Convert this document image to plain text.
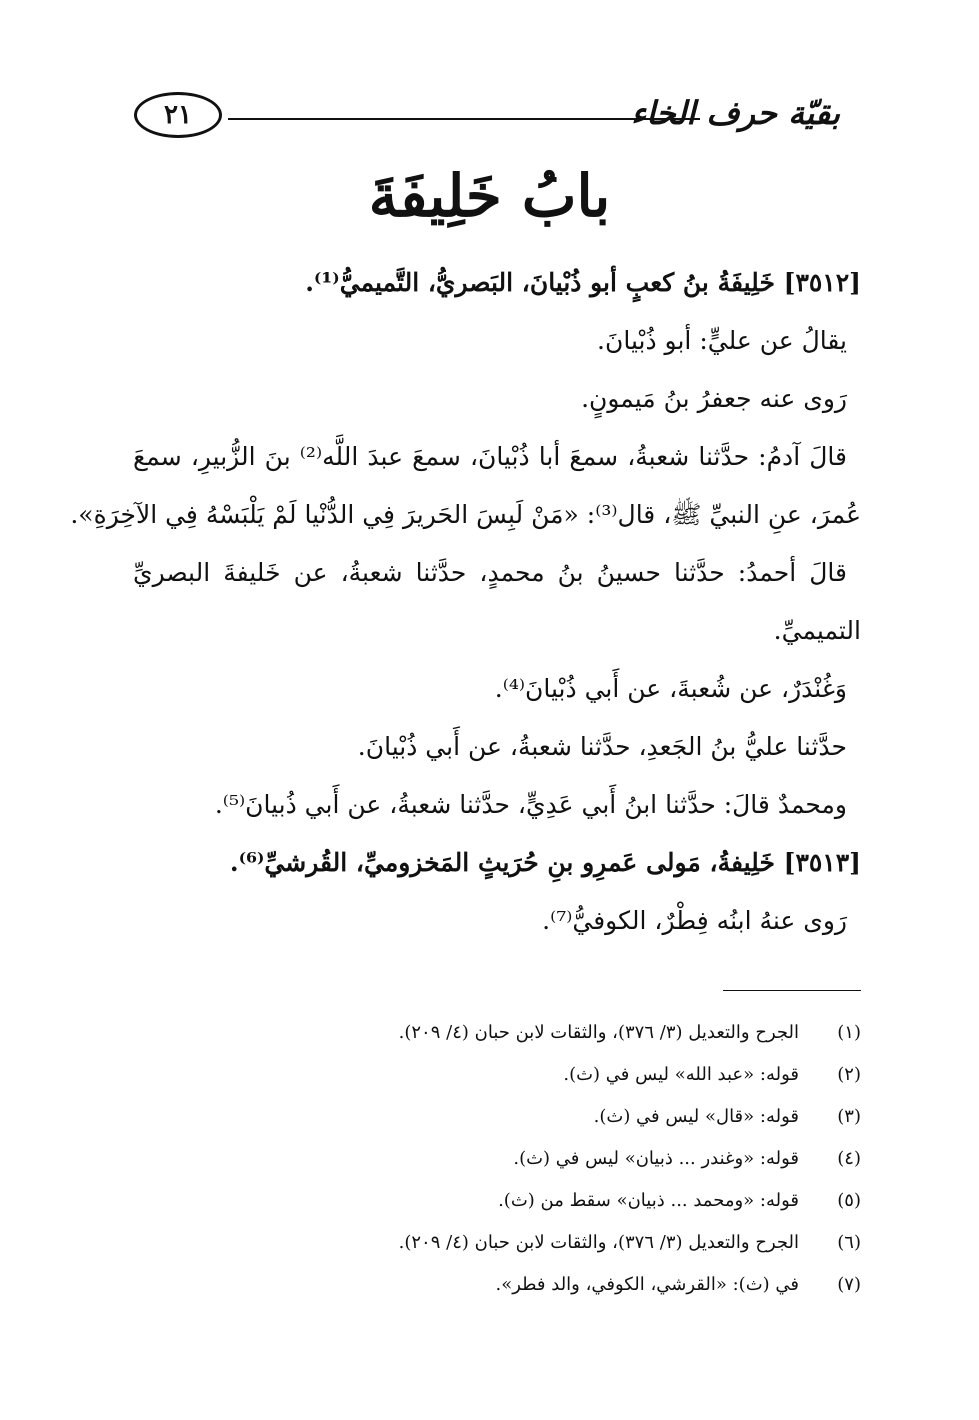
بقيّة حرف الخاء
٢١
بابُ خَلِيفَةَ
[٣٥١٢] خَلِيفَةُ بنُ كعبٍ أبو ذُبْيانَ، البَصريُّ، التَّميميُّ⁽¹⁾.
يقالُ عن عليٍّ: أبو ذُبْيانَ.
رَوى عنه جعفرُ بنُ مَيمونٍ.
قالَ آدمُ: حدَّثنا شعبةُ، سمعَ أبا ذُبْيانَ، سمعَ عبدَ اللَّه⁽²⁾ بنَ الزُّبيرِ، سمعَ
عُمرَ، عنِ النبيِّ ﷺ، قال⁽³⁾: «مَنْ لَبِسَ الحَريرَ فِي الدُّنْيا لَمْ يَلْبَسْهُ فِي الآخِرَةِ».
قالَ أحمدُ: حدَّثنا حسينُ بنُ محمدٍ، حدَّثنا شعبةُ، عن خَليفةَ البصريِّ
التميميِّ.
وَغُنْدَرٌ، عن شُعبةَ، عن أَبي ذُبْيانَ⁽⁴⁾.
حدَّثنا عليُّ بنُ الجَعدِ، حدَّثنا شعبةُ، عن أَبي ذُبْيانَ.
ومحمدٌ قالَ: حدَّثنا ابنُ أَبي عَدِيٍّ، حدَّثنا شعبةُ، عن أَبي ذُبيانَ⁽⁵⁾.
[٣٥١٣] خَلِيفةُ، مَولى عَمرِو بنِ حُرَيثٍ المَخزوميِّ، القُرشيِّ⁽⁶⁾.
رَوى عنهُ ابنُه فِطْرٌ، الكوفيُّ⁽⁷⁾.
(١)
الجرح والتعديل (٣/ ٣٧٦)، والثقات لابن حبان (٤/ ٢٠٩).
(٢)
قوله: «عبد الله» ليس في (ث).
(٣)
قوله: «قال» ليس في (ث).
(٤)
قوله: «وغندر ... ذبيان» ليس في (ث).
(٥)
قوله: «ومحمد ... ذبيان» سقط من (ث).
(٦)
الجرح والتعديل (٣/ ٣٧٦)، والثقات لابن حبان (٤/ ٢٠٩).
(٧)
في (ث): «القرشي، الكوفي، والد فطر».
